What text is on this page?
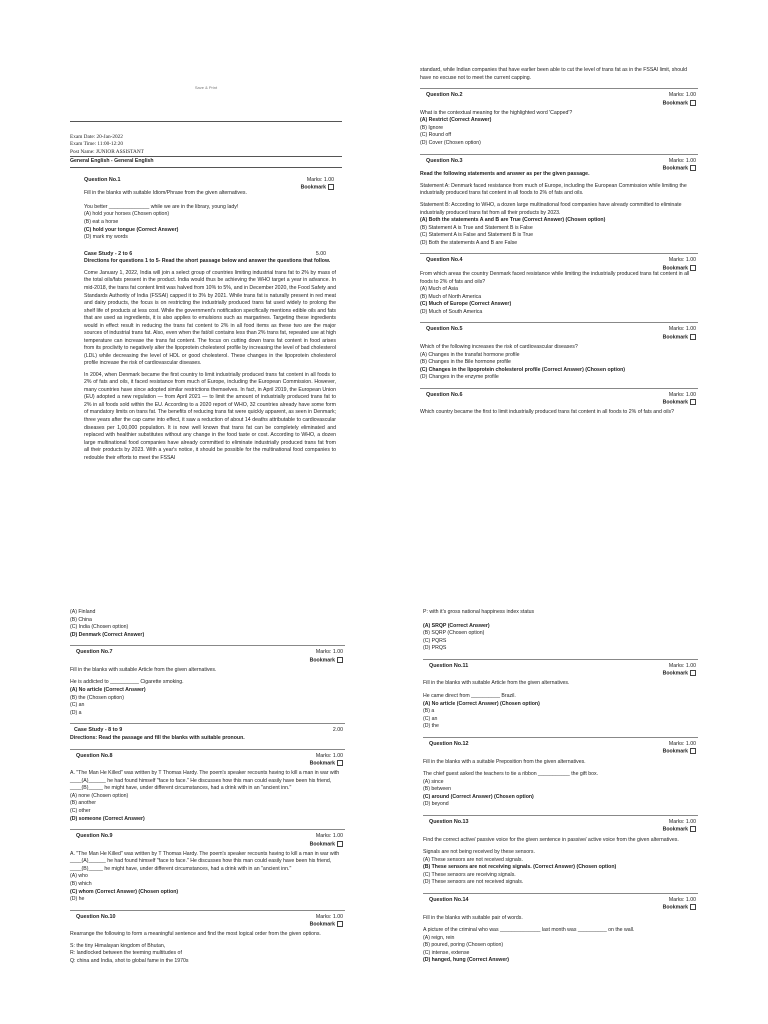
Save & Print
Exam Date: 20-Jan-2022
Exam Time: 11:00-12:20
Post Name: JUNIOR ASSISTANT
General English - General English
Question No.1	Marks: 1.00
Bookmark
Fill in the blanks with suitable Idiom/Phrase from the given alternatives.
You better ______________ while we are in the library, young lady!
(A) hold your horses (Chosen option)
(B) eat a horse
(C) hold your tongue (Correct Answer)
(D) mark my words
Case Study - 2 to 6	5.00
Directions for questions 1 to 5- Read the short passage below and answer the questions that follow.
Come January 1, 2022, India will join a select group of countries limiting industrial trans fat to 2% by mass of the total oils/fats present in the product. India would thus be achieving the WHO target a year in advance. In mid-2018, the trans fat content limit was halved from 10% to 5%, and in December 2020, the Food Safety and Standards Authority of India (FSSAI) capped it to 3% by 2021. While trans fat is naturally present in red meat and dairy products, the focus is on restricting the industrially produced trans fat used widely to prolong the shelf life of products at less cost. While the government's notification specifically mentions edible oils and fats that are used as ingredients, it is also applies to emulsions such as margarines. Targeting these ingredients would in effect result in reducing the trans fat content to 2% in all food items as these two are the major sources of industrial trans fat. Also, even when the fat/oil contains less than 2% trans fat, repeated use at high temperature can increase the trans fat content. The focus on cutting down trans fat content in food arises from its proclivity to negatively alter the lipoprotein cholesterol profile by increasing the level of bad cholesterol (LDL) while decreasing the level of HDL or good cholesterol. These changes in the lipoprotein cholesterol profile increase the risk of cardiovascular diseases.
In 2004, when Denmark became the first country to limit industrially produced trans fat content in all foods to 2% of fats and oils, it faced resistance from much of Europe, including the European Commission. However, many countries have since adopted similar restrictions themselves. In fact, in April 2019, the European Union (EU) adopted a new regulation — from April 2021 — to limit the amount of industrially produced trans fat to 2% in all foods sold within the EU. According to a 2020 report of WHO, 32 countries already have some form of mandatory limits on trans fat. The benefits of reducing trans fat were quickly apparent, as seen in Denmark; three years after the cap came into effect, it saw a reduction of about 14 deaths attributable to cardiovascular diseases per 1,00,000 population. It is now well known that trans fat can be completely eliminated and replaced with healthier substitutes without any change in the food taste or cost. According to WHO, a dozen large multinational food companies have already committed to eliminate industrially produced trans fat from all their products by 2023. With a year's notice, it should be possible for the multinational food companies to redouble their efforts to meet the FSSAI
standard, while Indian companies that have earlier been able to cut the level of trans fat as in the FSSAI limit, should have no excuse not to meet the current capping.
Question No.2	Marks: 1.00
Bookmark
What is the contextual meaning for the highlighted word 'Capped'?
(A) Restrict (Correct Answer)
(B) Ignore
(C) Round off
(D) Cover (Chosen option)
Question No.3	Marks: 1.00
Bookmark
Read the following statements and answer as per the given passage.
Statement A: Denmark faced resistance from much of Europe, including the European Commission while limiting the industrially produced trans fat content in all foods to 2% of fats and oils.
Statement B: According to WHO, a dozen large multinational food companies have already committed to eliminate industrially produced trans fat from all their products by 2023.
(A) Both the statements A and B are True (Correct Answer) (Chosen option)
(B) Statement A is True and Statement B is False
(C) Statement A is False and Statement B is True
(D) Both the statements A and B are False
Question No.4	Marks: 1.00
Bookmark
From which areas the country Denmark faced resistance while limiting the industrially produced trans fat content in all foods to 2% of fats and oils?
(A) Much of Asia
(B) Much of North America
(C) Much of Europe (Correct Answer)
(D) Much of South America
Question No.5	Marks: 1.00
Bookmark
Which of the following increases the risk of cardiovascular diseases?
(A) Changes in the transfat hormone profile
(B) Changes in the Bile hormone profile
(C) Changes in the lipoprotein cholesterol profile (Correct Answer) (Chosen option)
(D) Changes in the enzyme profile
Question No.6	Marks: 1.00
Bookmark
Which country became the first to limit industrially produced trans fat content in all foods to 2% of fats and oils?
(A) Finland
(B) China
(C) India (Chosen option)
(D) Denmark (Correct Answer)
Question No.7	Marks: 1.00
Bookmark
Fill in the blanks with suitable Article from the given alternatives.
He is addicted to __________ Cigarette smoking.
(A) No article (Correct Answer)
(B) the (Chosen option)
(C) an
(D) a
Case Study - 8 to 9	2.00
Directions: Read the passage and fill the blanks with suitable pronoun.
Question No.8	Marks: 1.00
Bookmark
A. "The Man He Killed" was written by T Thomas Hardy. The poem's speaker recounts having to kill a man in war with ____(A)______ he had found himself "face to face." He discusses how this man could easily have been his friend, ____(B)_____ he might have, under different circumstances, had a drink with in an "ancient inn."
(A) none (Chosen option)
(B) another
(C) other
(D) someone (Correct Answer)
Question No.9	Marks: 1.00
Bookmark
A. "The Man He Killed" was written by T Thomas Hardy. The poem's speaker recounts having to kill a man in war with ____(A)______ he had found himself "face to face." He discusses how this man could easily have been his friend, ____(B)_____ he might have, under different circumstances, had a drink with in an "ancient inn."
(A) who
(B) which
(C) whom (Correct Answer) (Chosen option)
(D) he
Question No.10	Marks: 1.00
Bookmark
Rearrange the following to form a meaningful sentence and find the most logical order from the given options.
S: the tiny Himalayan kingdom of Bhutan,
R: landlocked between the teeming multitudes of
Q: china and India, shot to global fame in the 1970s
P: with it's gross national happiness index status
(A) SRQP (Correct Answer)
(B) SQRP (Chosen option)
(C) PQRS
(D) PRQS
Question No.11	Marks: 1.00
Bookmark
Fill in the blanks with suitable Article from the given alternatives.
He came direct from __________ Brazil.
(A) No article (Correct Answer) (Chosen option)
(B) a
(C) an
(D) the
Question No.12	Marks: 1.00
Bookmark
Fill in the blanks with a suitable Preposition from the given alternatives.
The chief guest asked the teachers to tie a ribbon ___________ the gift box.
(A) since
(B) between
(C) around (Correct Answer) (Chosen option)
(D) beyond
Question No.13	Marks: 1.00
Bookmark
Find the correct active/ passive voice for the given sentence in passive/ active voice from the given alternatives.
Signals are not being received by these sensors.
(A) These sensors are not received signals.
(B) These sensors are not receiving signals. (Correct Answer) (Chosen option)
(C) These sensors are receiving signals.
(D) These sensors are not received signals.
Question No.14	Marks: 1.00
Bookmark
Fill in the blanks with suitable pair of words.
A picture of the criminal who was ______________ last month was __________ on the wall.
(A) reign, rein
(B) poured, poring (Chosen option)
(C) intense, extense
(D) hanged, hung (Correct Answer)
